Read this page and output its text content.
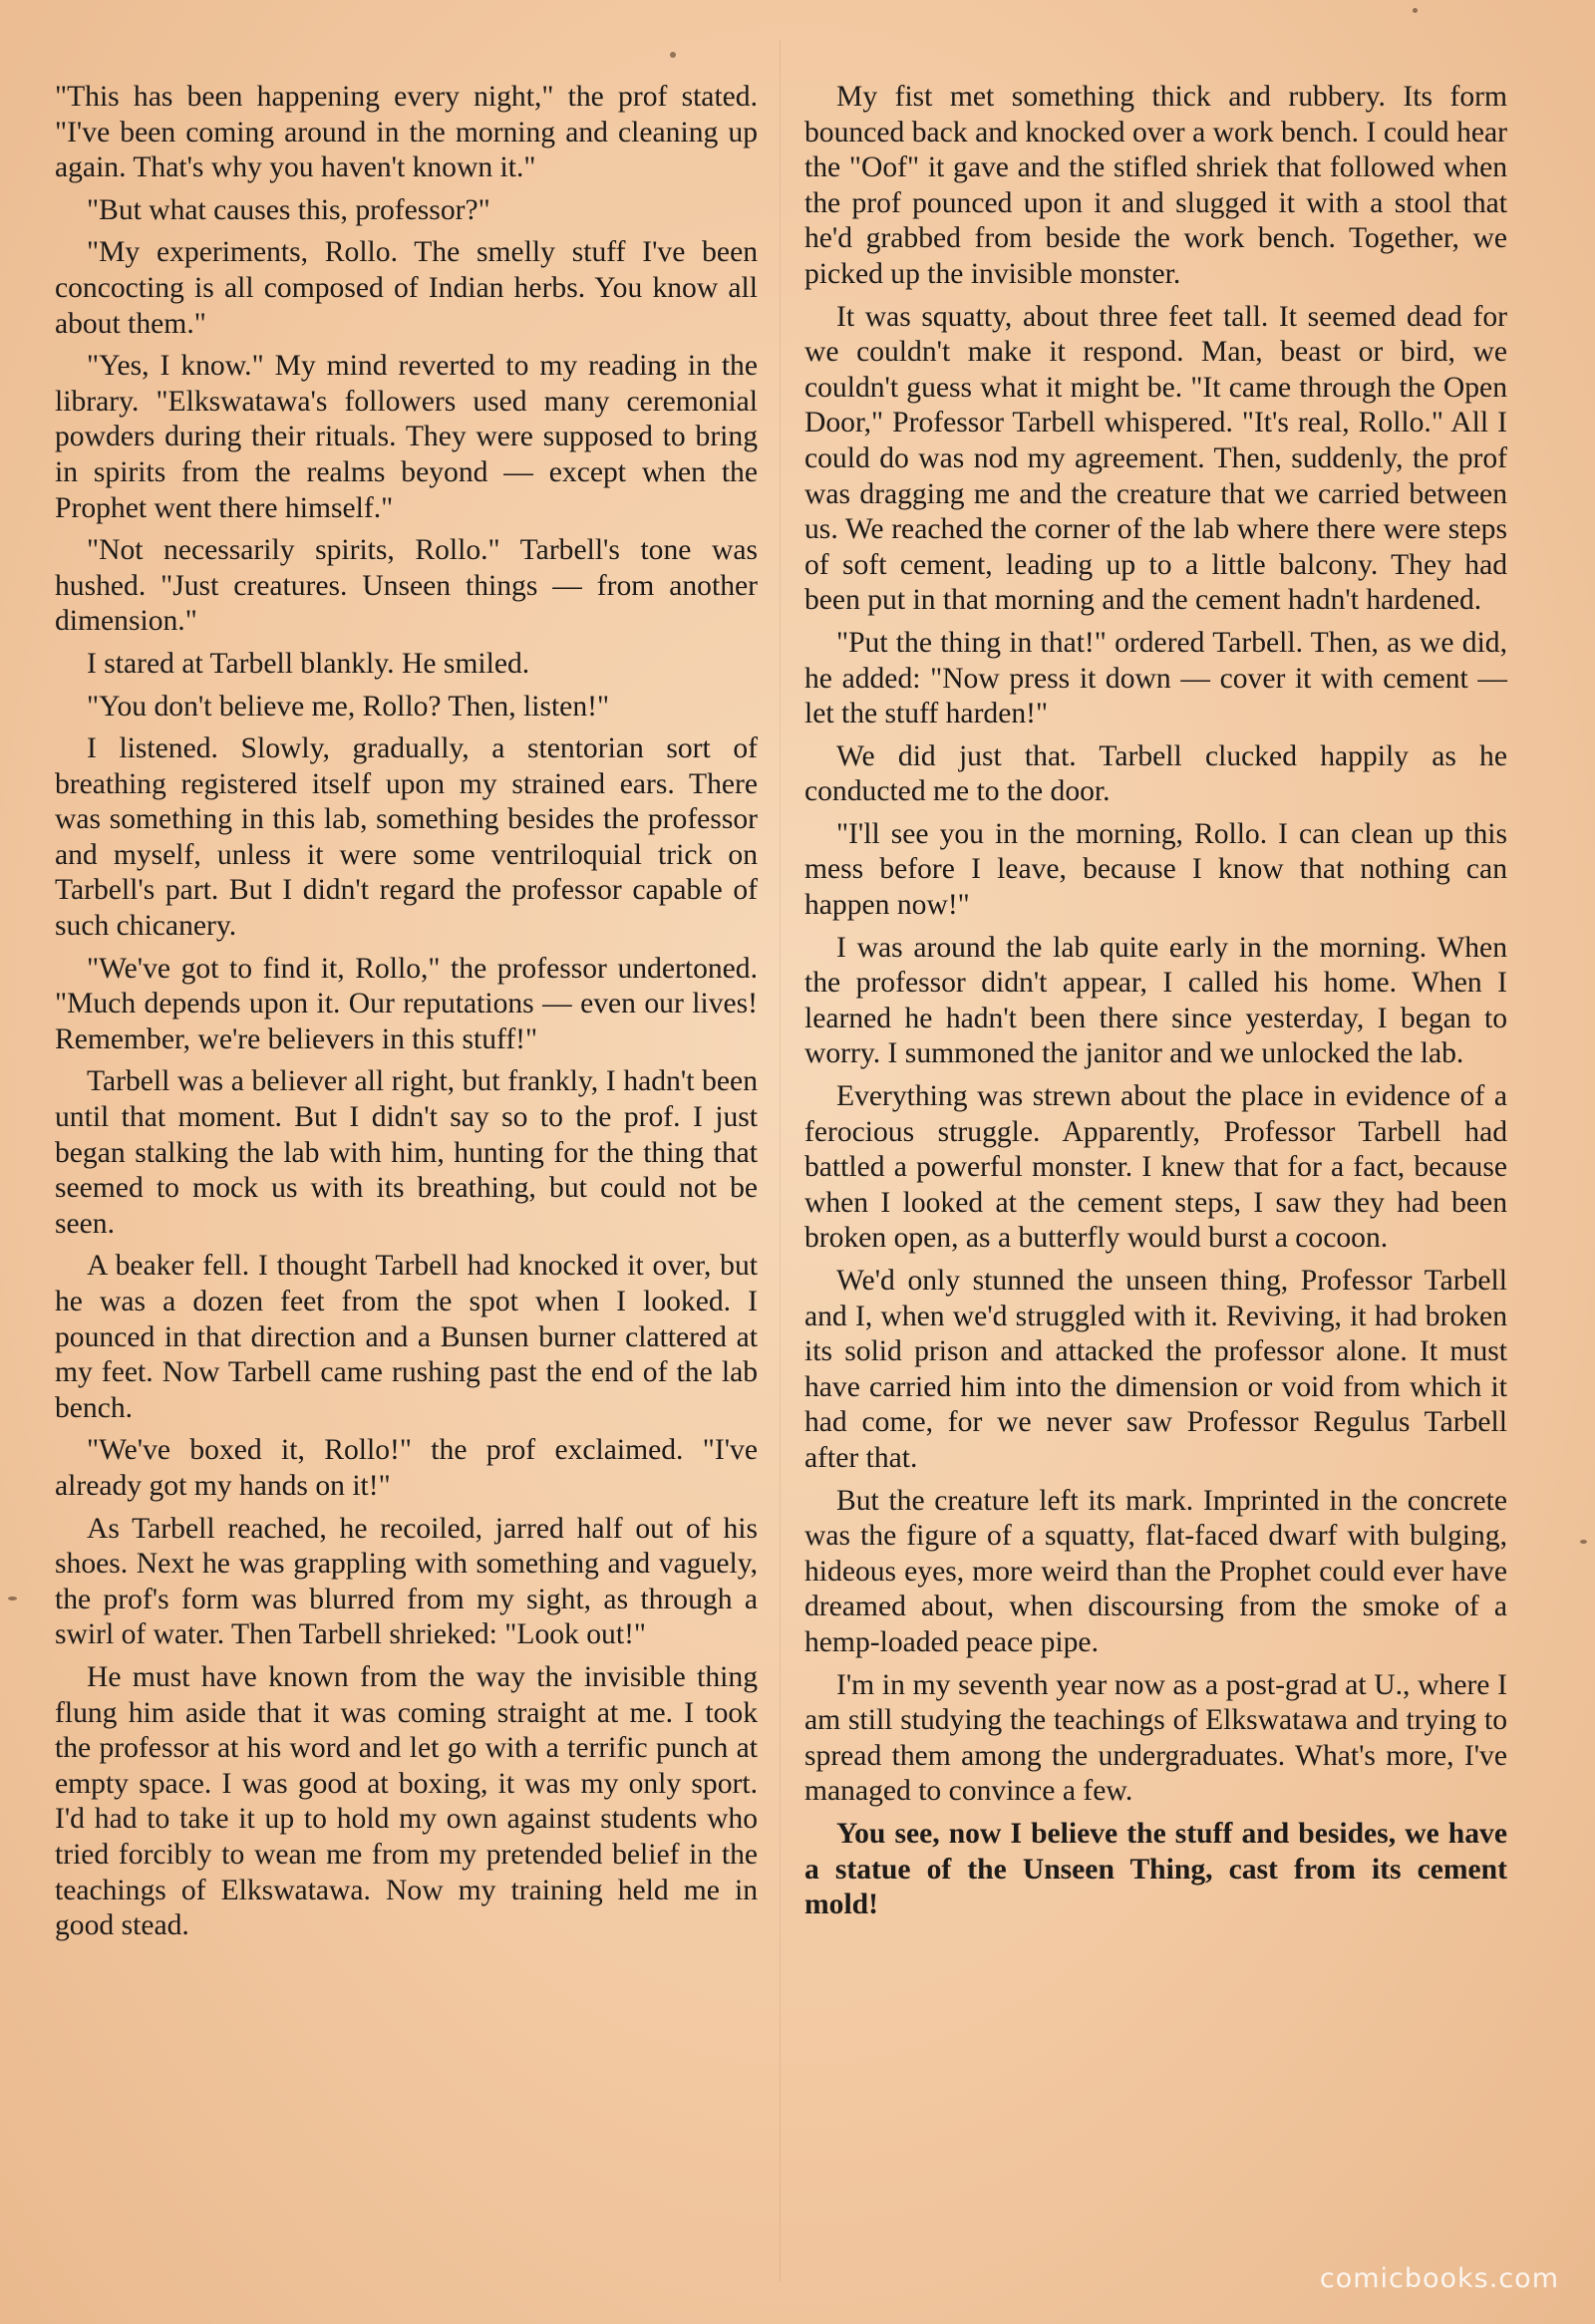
"This has been happening every night," the prof stated. "I've been coming around in the morning and cleaning up again. That's why you haven't known it."

"But what causes this, professor?"

"My experiments, Rollo. The smelly stuff I've been concocting is all composed of Indian herbs. You know all about them."

"Yes, I know." My mind reverted to my reading in the library. "Elkswatawa's followers used many ceremonial powders during their rituals. They were supposed to bring in spirits from the realms beyond — except when the Prophet went there himself."

"Not necessarily spirits, Rollo." Tarbell's tone was hushed. "Just creatures. Unseen things — from another dimension."

I stared at Tarbell blankly. He smiled.

"You don't believe me, Rollo? Then, listen!"

I listened. Slowly, gradually, a stentorian sort of breathing registered itself upon my strained ears. There was something in this lab, something besides the professor and myself, unless it were some ventriloquial trick on Tarbell's part. But I didn't regard the professor capable of such chicanery.

"We've got to find it, Rollo," the professor undertoned. "Much depends upon it. Our reputations — even our lives! Remember, we're believers in this stuff!"

Tarbell was a believer all right, but frankly, I hadn't been until that moment. But I didn't say so to the prof. I just began stalking the lab with him, hunting for the thing that seemed to mock us with its breathing, but could not be seen.

A beaker fell. I thought Tarbell had knocked it over, but he was a dozen feet from the spot when I looked. I pounced in that direction and a Bunsen burner clattered at my feet. Now Tarbell came rushing past the end of the lab bench.

"We've boxed it, Rollo!" the prof exclaimed. "I've already got my hands on it!"

As Tarbell reached, he recoiled, jarred half out of his shoes. Next he was grappling with something and vaguely, the prof's form was blurred from my sight, as through a swirl of water. Then Tarbell shrieked: "Look out!"

He must have known from the way the invisible thing flung him aside that it was coming straight at me. I took the professor at his word and let go with a terrific punch at empty space. I was good at boxing, it was my only sport. I'd had to take it up to hold my own against students who tried forcibly to wean me from my pretended belief in the teachings of Elkswatawa. Now my training held me in good stead.

My fist met something thick and rubbery. Its form bounced back and knocked over a work bench. I could hear the "Oof" it gave and the stifled shriek that followed when the prof pounced upon it and slugged it with a stool that he'd grabbed from beside the work bench. Together, we picked up the invisible monster.

It was squatty, about three feet tall. It seemed dead for we couldn't make it respond. Man, beast or bird, we couldn't guess what it might be. "It came through the Open Door," Professor Tarbell whispered. "It's real, Rollo." All I could do was nod my agreement. Then, suddenly, the prof was dragging me and the creature that we carried between us. We reached the corner of the lab where there were steps of soft cement, leading up to a little balcony. They had been put in that morning and the cement hadn't hardened.

"Put the thing in that!" ordered Tarbell. Then, as we did, he added: "Now press it down — cover it with cement — let the stuff harden!"

We did just that. Tarbell clucked happily as he conducted me to the door.

"I'll see you in the morning, Rollo. I can clean up this mess before I leave, because I know that nothing can happen now!"

I was around the lab quite early in the morning. When the professor didn't appear, I called his home. When I learned he hadn't been there since yesterday, I began to worry. I summoned the janitor and we unlocked the lab.

Everything was strewn about the place in evidence of a ferocious struggle. Apparently, Professor Tarbell had battled a powerful monster. I knew that for a fact, because when I looked at the cement steps, I saw they had been broken open, as a butterfly would burst a cocoon.

We'd only stunned the unseen thing, Professor Tarbell and I, when we'd struggled with it. Reviving, it had broken its solid prison and attacked the professor alone. It must have carried him into the dimension or void from which it had come, for we never saw Professor Regulus Tarbell after that.

But the creature left its mark. Imprinted in the concrete was the figure of a squatty, flat-faced dwarf with bulging, hideous eyes, more weird than the Prophet could ever have dreamed about, when discoursing from the smoke of a hemp-loaded peace pipe.

I'm in my seventh year now as a post-grad at U., where I am still studying the teachings of Elkswatawa and trying to spread them among the undergraduates. What's more, I've managed to convince a few.

You see, now I believe the stuff and besides, we have a statue of the Unseen Thing, cast from its cement mold!

comicbooks.com
